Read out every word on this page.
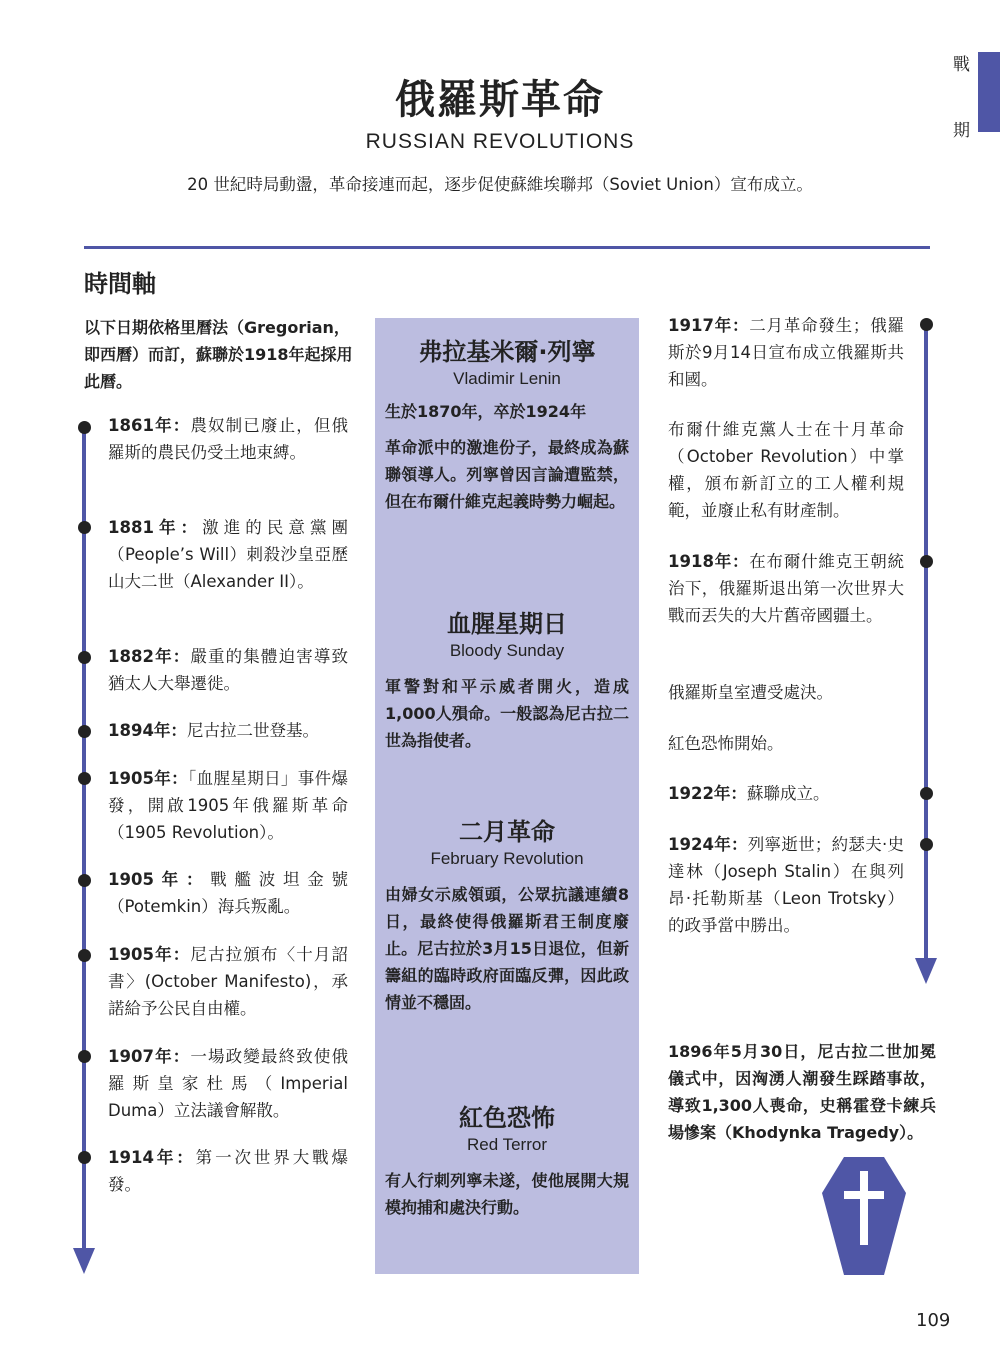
戰
期
俄羅斯革命
RUSSIAN REVOLUTIONS
20 世紀時局動盪，革命接連而起，逐步促使蘇維埃聯邦（Soviet Union）宣布成立。
時間軸
以下日期依格里曆法（Gregorian，即西曆）而訂，蘇聯於1918年起採用此曆。
1861年：農奴制已廢止，但俄羅斯的農民仍受土地束縛。
1881年：激進的民意黨團（People’s Will）刺殺沙皇亞歷山大二世（Alexander II）。
1882年：嚴重的集體迫害導致猶太人大舉遷徙。
1894年：尼古拉二世登基。
1905年：「血腥星期日」事件爆發，開啟1905年俄羅斯革命（1905 Revolution）。
1905年：戰艦波坦金號（Potemkin）海兵叛亂。
1905年：尼古拉頒布〈十月詔書〉(October Manifesto)，承諾給予公民自由權。
1907年：一場政變最終致使俄羅斯皇家杜馬（Imperial Duma）立法議會解散。
1914年：第一次世界大戰爆發。
弗拉基米爾·列寧
Vladimir Lenin
生於1870年，卒於1924年
革命派中的激進份子，最終成為蘇聯領導人。列寧曾因言論遭監禁，但在布爾什維克起義時勢力崛起。
血腥星期日
Bloody Sunday
軍警對和平示威者開火，造成1,000人殞命。一般認為尼古拉二世為指使者。
二月革命
February Revolution
由婦女示威領頭，公眾抗議連續8日，最終使得俄羅斯君王制度廢止。尼古拉於3月15日退位，但新籌組的臨時政府面臨反彈，因此政情並不穩固。
紅色恐怖
Red Terror
有人行刺列寧未遂，使他展開大規模拘捕和處決行動。
1917年：二月革命發生；俄羅斯於9月14日宣布成立俄羅斯共和國。
布爾什維克黨人士在十月革命（October Revolution）中掌權，頒布新訂立的工人權利規範，並廢止私有財產制。
1918年：在布爾什維克王朝統治下，俄羅斯退出第一次世界大戰而丟失的大片舊帝國疆土。
俄羅斯皇室遭受處決。
紅色恐怖開始。
1922年：蘇聯成立。
1924年：列寧逝世；約瑟夫·史達林（Joseph Stalin）在與列昂·托勒斯基（Leon Trotsky）的政爭當中勝出。
1896年5月30日，尼古拉二世加冕儀式中，因洶湧人潮發生踩踏事故，導致1,300人喪命，史稱霍登卡練兵場慘案（Khodynka Tragedy）。
109
